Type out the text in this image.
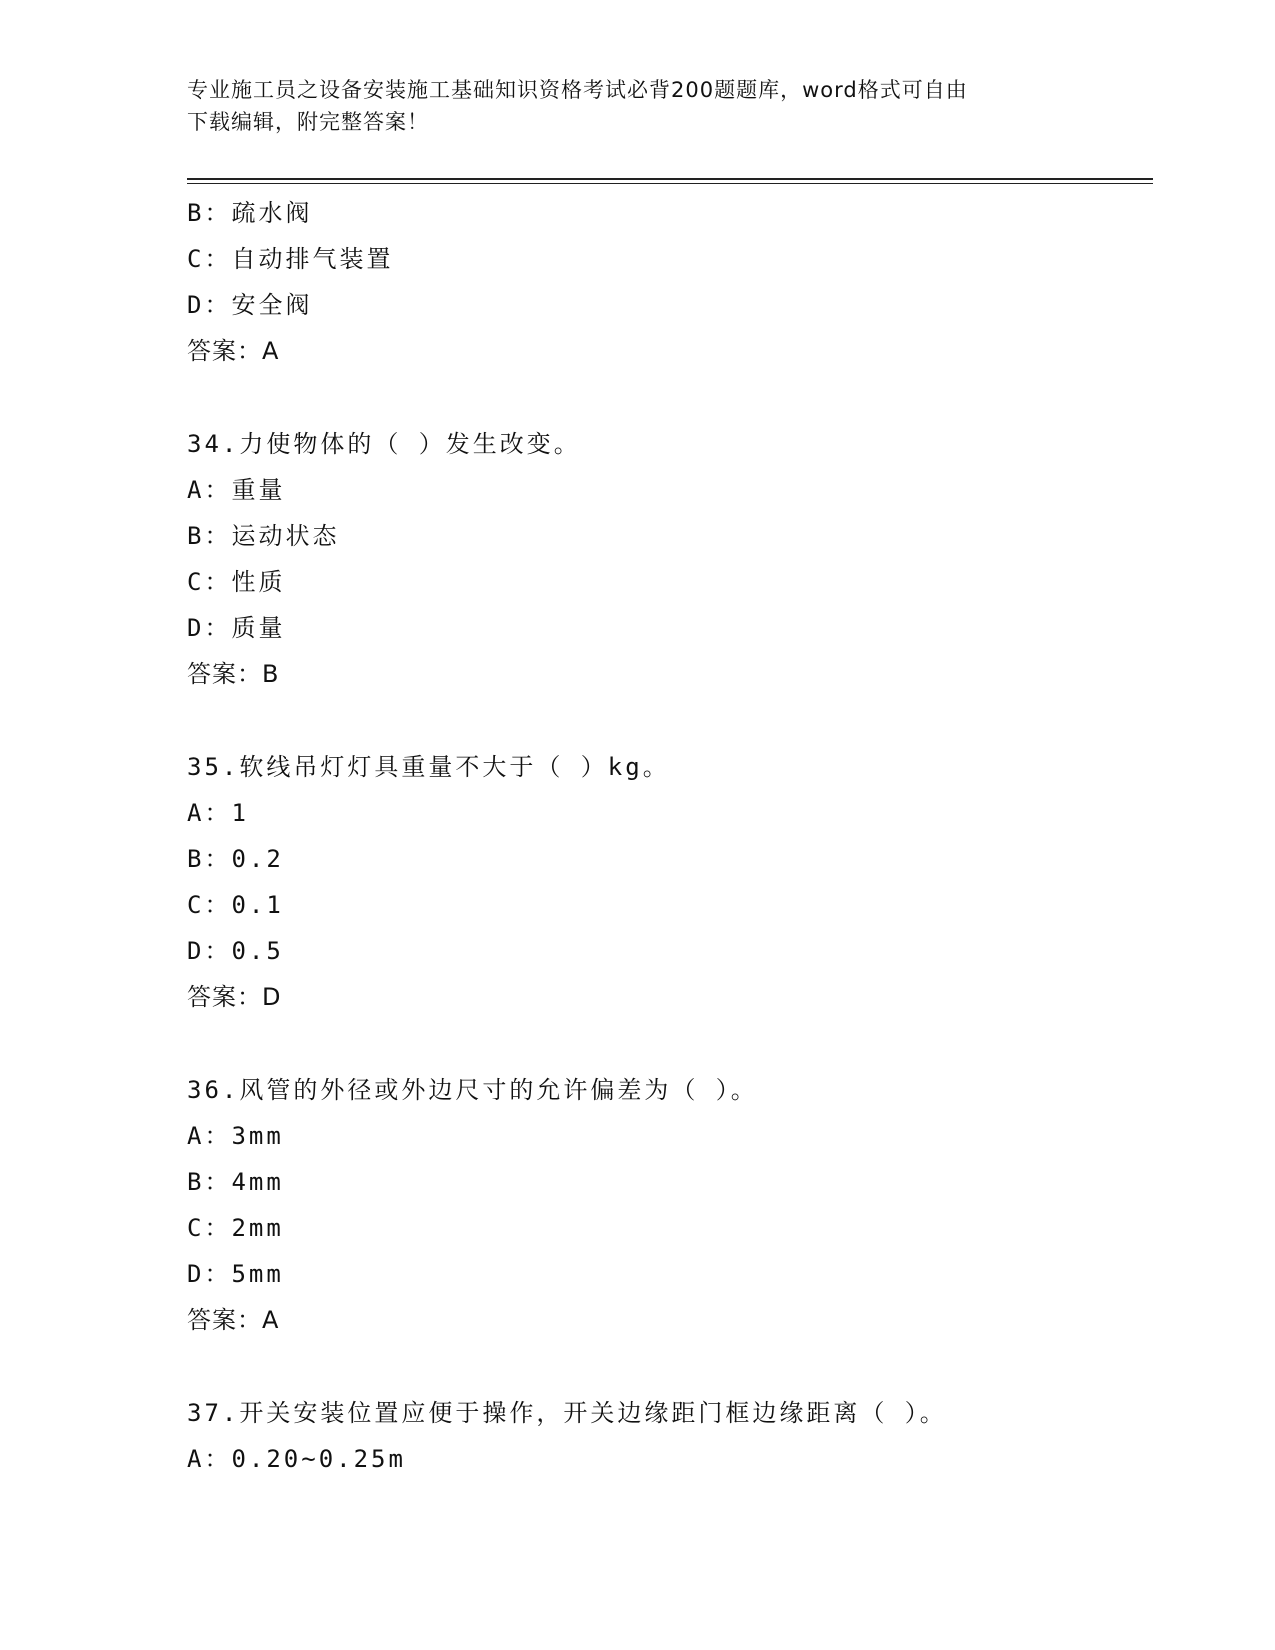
专业施工员之设备安装施工基础知识资格考试必背200题题库，word格式可自由
下载编辑，附完整答案！
B：疏水阀
C：自动排气装置
D：安全阀
答案：A
34.力使物体的（ ）发生改变。
A：重量
B：运动状态
C：性质
D：质量
答案：B
35.软线吊灯灯具重量不大于（ ）kg。
A：1
B：0.2
C：0.1
D：0.5
答案：D
36.风管的外径或外边尺寸的允许偏差为（ ）。
A：3mm
B：4mm
C：2mm
D：5mm
答案：A
37.开关安装位置应便于操作，开关边缘距门框边缘距离（ ）。
A：0.20~0.25m
